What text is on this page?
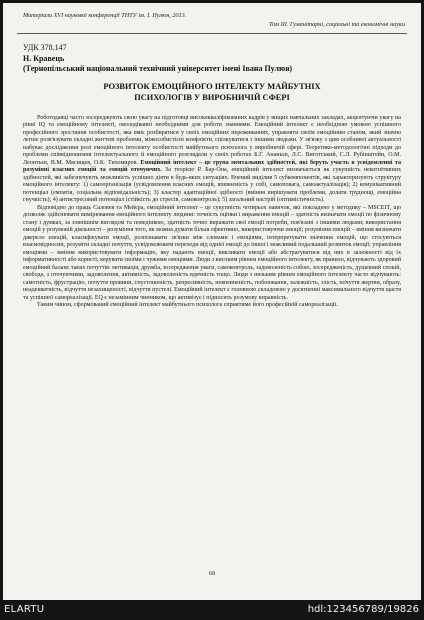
Матеріали XVI наукової конференції ТНТУ ім. І. Пулюя, 2013.
Том III. Гуманітарні, соціальні та економічні науки
УДК 378.147
Н. Кравець
(Тернопільський національний технічний університет імені Івана Пулюя)
РОЗВИТОК ЕМОЦІЙНОГО ІНТЕЛЕКТУ МАЙБУТНІХ
ПСИХОЛОГІВ У ВИРОБНИЧІЙ СФЕРІ

Роботодавці часто зосереджують свою увагу на підготовці висококваліфікованих кадрів у вищих навчальних закладах, акцентуючи увагу на рівні IQ та емоційному інтелекті, оволодіванні необхідними для роботи знаннями. Емоційний інтелект є необхідною умовою успішного професійного зростання особистості, яка вміє розбиратися у своїх емоційних переживаннях, управляти своїм емоційним станом, який значно легше розв'язувати складні життєві проблеми, міжособистісні конфлікти, спілкуватися з іншими людьми. У зв'язку з цим особливої актуальності набуває дослідження ролі емоційного інтелекту особистості майбутнього психолога у виробничій сфері. Теоретико-методологічні підходи до проблеми співвідношення інтелектуального й емоційного розглядали у своїх роботах Б.Г. Ананьєв, Л.С. Виготський, С.Л. Рубінштейн, О.М. Леонтьєв, В.М. Мясищев, О.К. Тихомиров. Емоційний інтелект – це група ментальних здібностей, які беруть участь в усвідомленні та розумінні власних емоцій та емоцій оточуючих. За теорією Р. Бар-Она, емоційний інтелект визначається як сукупність некогнітивних здібностей, які забезпечують можливість успішно діяти в будь-яких ситуаціях. Вчений виділив 5 субкомпонентів, які характеризують структуру емоційного інтелекту: 1) самоорганізація (усвідомлення власних емоцій, впевненість у собі, самоповага, самоактуалізація); 2) комунікативний потенціал (емпатія, соціальна відповідальність); 3) кластер адаптаційної здібності (вміння вирішувати проблеми, долати труднощі, емоційна гнучкість); 4) антистресовий потенціал (стійкість до стресів, самоконтроль); 5) загальний настрій (оптимістичність).

Відповідно до праць Саловея та Мейєра, емоційний інтелект – це сукупність чотирьох навичок, які покладено у методику – MSCEIT, що дозволяє здійснювати вимірювання емоційного інтелекту людини: точність оцінки і вираження емоцій – здатність визначати емоції по фізичному стану і думках, за зовнішнім виглядом та поведінкою, здатність точно виражати свої емоції потреби, пов'язані з іншими людьми; використання емоцій у розумовій діяльності – розуміння того, як можна думати більш ефективно, використовуючи емоції; розуміння емоцій – вміння визначати джерело емоцій, класифікувати емоції, розпізнавати зв'язки між словами і емоціями, інтерпретувати значення емоцій, що стосуються взаємовідносин, розуміти складні почуття, усвідомлювати переходи від однієї емоції до іншої і можливий подальший розвиток емоції; управління емоціями – вміння використовувати інформацію, яку надають емоції, викликати емоції або абстрагуватися від них в залежності від їх інформативності або користі; керувати своїми і чужими емоціями. Люди з високим рівнем емоційного інтелекту, як правило, відчувають здоровий емоційний баланс таких почуттів: мотивація, дружба, зосередження уваги, самоконтроль, задоволеність собою, зосередженість, душевний спокій, свобода, з оточуючими, задоволення, активність, задоволеність вдячність тощо. Люди з низьким рівнем емоційного інтелекту часто відчувають: самотність, фрустрацію, почуття провини, спустошеність, репресивність, невпевненість, побоювання, залежність, злість, почуття жертви, образу, неадекватність, відчуття незахищеності, відчуття пустелі. Емоційний інтелект є головною складовою у досягненні максимального відчуття щастя та успішної самореалізації. EQ є незамінним чинником, що активізує і підносить розумову вправність.

Таким чином, сформований емоційний інтелект майбутнього психолога сприятиме його професійній самореалізації.

68
ELARTU	hdl:123456789/19826
